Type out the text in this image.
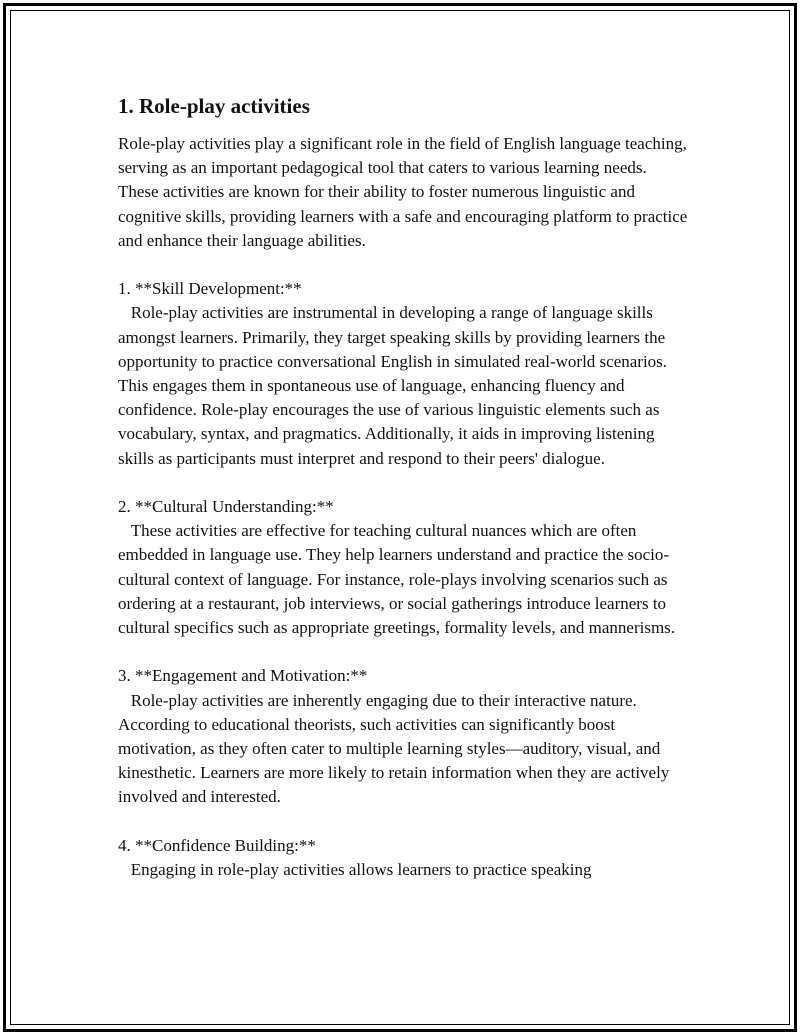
1. Role-play activities

Role-play activities play a significant role in the field of English language teaching, serving as an important pedagogical tool that caters to various learning needs. These activities are known for their ability to foster numerous linguistic and cognitive skills, providing learners with a safe and encouraging platform to practice and enhance their language abilities.

1. **Skill Development:**

Role-play activities are instrumental in developing a range of language skills amongst learners. Primarily, they target speaking skills by providing learners the opportunity to practice conversational English in simulated real-world scenarios. This engages them in spontaneous use of language, enhancing fluency and confidence. Role-play encourages the use of various linguistic elements such as vocabulary, syntax, and pragmatics. Additionally, it aids in improving listening skills as participants must interpret and respond to their peers' dialogue.

2. **Cultural Understanding:**

These activities are effective for teaching cultural nuances which are often embedded in language use. They help learners understand and practice the socio-cultural context of language. For instance, role-plays involving scenarios such as ordering at a restaurant, job interviews, or social gatherings introduce learners to cultural specifics such as appropriate greetings, formality levels, and mannerisms.

3. **Engagement and Motivation:**

Role-play activities are inherently engaging due to their interactive nature. According to educational theorists, such activities can significantly boost motivation, as they often cater to multiple learning styles—auditory, visual, and kinesthetic. Learners are more likely to retain information when they are actively involved and interested.

4. **Confidence Building:**

Engaging in role-play activities allows learners to practice speaking
